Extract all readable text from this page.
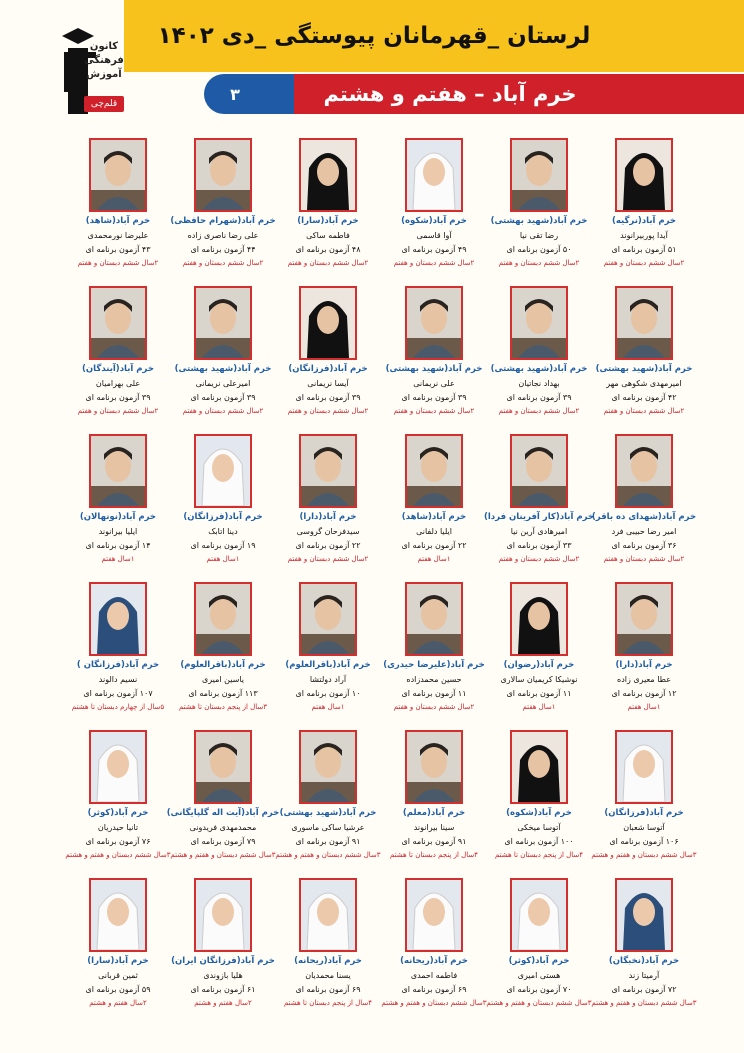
لرستان _قهرمانان پیوستگی _دی ۱۴۰۲
۳	خرم آباد – هفتم و هشتم
کانون فرهنگی آموزش
قلم‌چی
خرم آباد(نرگیه)
آیدا پوربیرانوند
۵۱ آزمون برنامه ای
۲سال ششم دبستان و هفتم
خرم آباد(شهید بهشتی)
رضا تقی نیا
۵۰ آزمون برنامه ای
۲سال ششم دبستان و هفتم
خرم آباد(شکوه)
آوا قاسمی
۴۹ آزمون برنامه ای
۲سال ششم دبستان و هفتم
خرم آباد(سارا)
فاطمه ساکی
۴۸ آزمون برنامه ای
۲سال ششم دبستان و هفتم
خرم آباد(شهرام حافظی)
علی رضا ناصری زاده
۴۴ آزمون برنامه ای
۲سال ششم دبستان و هفتم
خرم آباد(شاهد)
علیرضا نورمحمدی
۴۳ آزمون برنامه ای
۲سال ششم دبستان و هفتم
خرم آباد(شهید بهشتی)
امیرمهدی شکوهی مهر
۴۲ آزمون برنامه ای
۲سال ششم دبستان و هفتم
خرم آباد(شهید بهشتی)
بهداد نجاتیان
۳۹ آزمون برنامه ای
۲سال ششم دبستان و هفتم
خرم آباد(شهید بهشتی)
علی نریمانی
۳۹ آزمون برنامه ای
۲سال ششم دبستان و هفتم
خرم آباد(فرزانگان)
آیسا نریمانی
۳۹ آزمون برنامه ای
۲سال ششم دبستان و هفتم
خرم آباد(شهید بهشتی)
امیرعلی نریمانی
۳۹ آزمون برنامه ای
۲سال ششم دبستان و هفتم
خرم آباد(آیندگان)
علی بهرامیان
۳۹ آزمون برنامه ای
۲سال ششم دبستان و هفتم
خرم آباد(شهدای ده باقر)
امیر رضا حبیبی فرد
۳۶ آزمون برنامه ای
۲سال ششم دبستان و هفتم
خرم آباد(کار آفرینان فردا)
امیرهادی آرین نیا
۳۳ آزمون برنامه ای
۲سال ششم دبستان و هفتم
خرم آباد(شاهد)
ایلیا دلفانی
۲۲ آزمون برنامه ای
۱سال هفتم
خرم آباد(دارا)
سیدفرحان گروسی
۲۲ آزمون برنامه ای
۲سال ششم دبستان و هفتم
خرم آباد(فرزانگان)
دینا اتابک
۱۹ آزمون برنامه ای
۱سال هفتم
خرم آباد(نونهالان)
ایلیا بیرانوند
۱۴ آزمون برنامه ای
۱سال هفتم
خرم آباد(دارا)
عطا معیری زاده
۱۲ آزمون برنامه ای
۱سال هفتم
خرم آباد(رضوان)
نوشیکا کریمیان سالاری
۱۱ آزمون برنامه ای
۱سال هفتم
خرم آباد(علیرضا حیدری)
حسین محمدزاده
۱۱ آزمون برنامه ای
۲سال ششم دبستان و هفتم
خرم آباد(باقرالعلوم)
آراد دولتشا
۱۰ آزمون برنامه ای
۱سال هفتم
خرم آباد(باقرالعلوم)
یاسین امیری
۱۱۳ آزمون برنامه ای
۳سال از پنجم دبستان تا هشتم
خرم آباد(فرزانگان )
نسیم دالوند
۱۰۷ آزمون برنامه ای
۵سال از چهارم دبستان تا هشتم
خرم آباد(فرزانگان)
آتوسا شعبان
۱۰۶ آزمون برنامه ای
۳سال ششم دبستان و هفتم و هشتم
خرم آباد(شکوه)
آتوسا میخکی
۱۰۰ آزمون برنامه ای
۴سال از پنجم دبستان تا هشتم
خرم آباد(معلم)
سینا بیرانوند
۹۱ آزمون برنامه ای
۴سال از پنجم دبستان تا هشتم
خرم آباد(شهید بهشتی)
عرشیا ساکی ماسوری
۹۱ آزمون برنامه ای
۳سال ششم دبستان و هفتم و هشتم
خرم آباد(آیت اله گلپایگانی)
محمدمهدی فریدونی
۷۹ آزمون برنامه ای
۳سال ششم دبستان و هفتم و هشتم
خرم آباد(کوثر)
تانیا حیدریان
۷۶ آزمون برنامه ای
۳سال ششم دبستان و هفتم و هشتم
خرم آباد(نخبگان)
آرمیتا زند
۷۲ آزمون برنامه ای
۳سال ششم دبستان و هفتم و هشتم
خرم آباد(کوثر)
هستی امیری
۷۰ آزمون برنامه ای
۳سال ششم دبستان و هفتم و هشتم
خرم آباد(ریحانه)
فاطمه احمدی
۶۹ آزمون برنامه ای
۳سال ششم دبستان و هفتم و هشتم
خرم آباد(ریحانه)
یسنا محمدیان
۶۹ آزمون برنامه ای
۴سال از پنجم دبستان تا هشتم
خرم آباد(فرزانگان ایران)
هلیا بازوندی
۶۱ آزمون برنامه ای
۲سال هفتم و هشتم
خرم آباد(سارا)
ثمین قربانی
۵۹ آزمون برنامه ای
۲سال هفتم و هشتم
